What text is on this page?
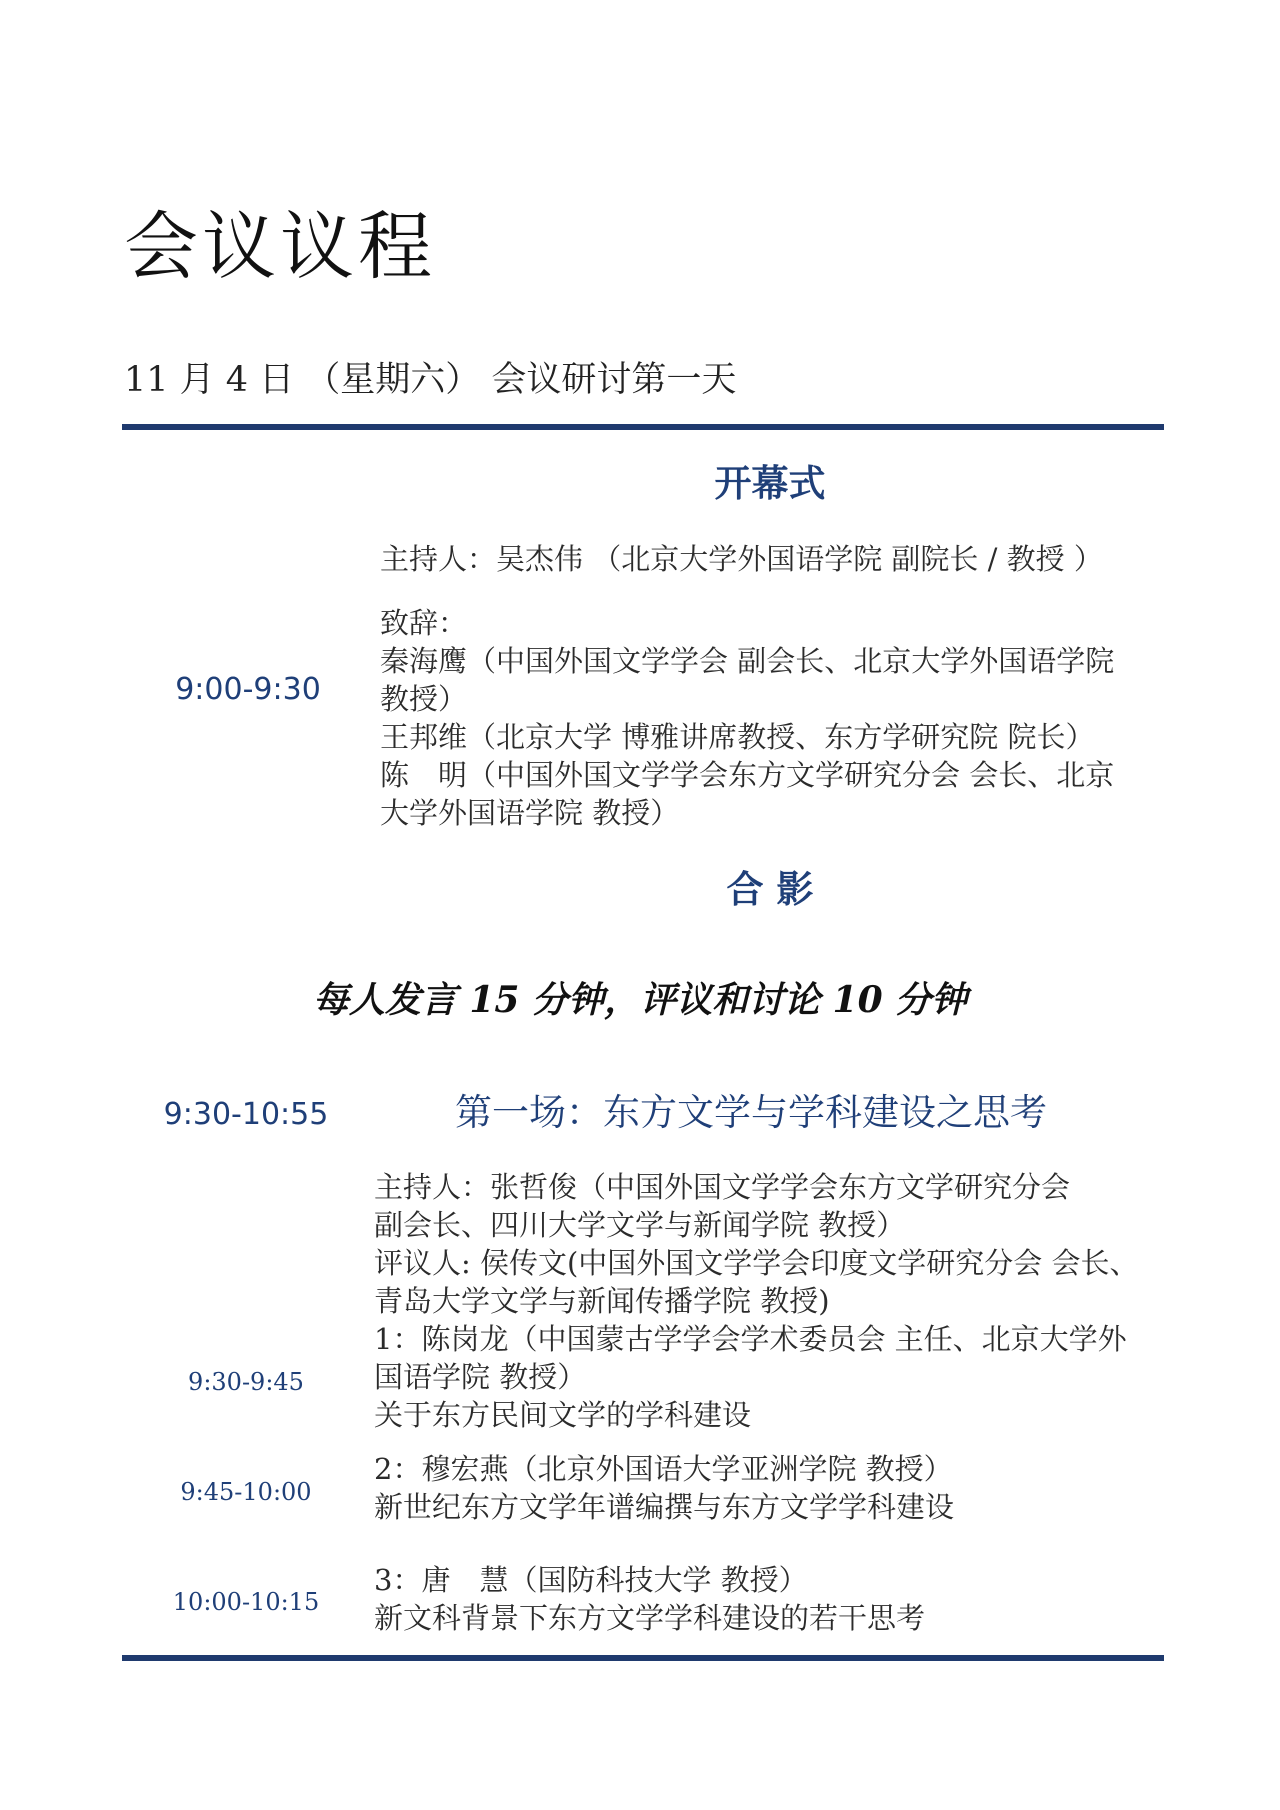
会议议程
11 月 4 日 （星期六） 会议研讨第一天
开幕式
主持人：吴杰伟 （北京大学外国语学院 副院长 / 教授 ）
9:00-9:30
致辞：
秦海鹰（中国外国文学学会 副会长、北京大学外国语学院
教授）
王邦维（北京大学 博雅讲席教授、东方学研究院 院长）
陈　明（中国外国文学学会东方文学研究分会 会长、北京
大学外国语学院 教授）
合 影
每人发言 15 分钟，评议和讨论 10 分钟
9:30-10:55	第一场：东方文学与学科建设之思考
主持人：张哲俊（中国外国文学学会东方文学研究分会
副会长、四川大学文学与新闻学院 教授）
评议人: 侯传文(中国外国文学学会印度文学研究分会 会长、
青岛大学文学与新闻传播学院 教授)
9:30-9:45
1：陈岗龙（中国蒙古学学会学术委员会 主任、北京大学外
国语学院 教授）
关于东方民间文学的学科建设
9:45-10:00
2：穆宏燕（北京外国语大学亚洲学院 教授）
新世纪东方文学年谱编撰与东方文学学科建设
10:00-10:15
3：唐　慧（国防科技大学 教授）
新文科背景下东方文学学科建设的若干思考
